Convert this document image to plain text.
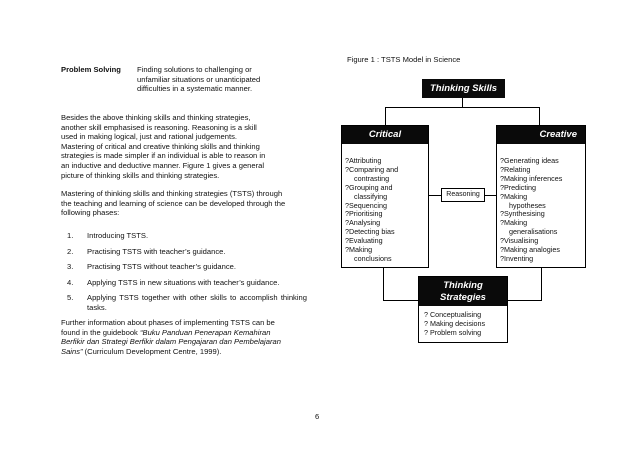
Problem Solving Finding solutions to challenging or
unfamiliar situations or unanticipated
difficulties in a systematic manner.
Besides the above thinking skills and thinking strategies,
another skill emphasised is reasoning. Reasoning is a skill
used in making logical, just and rational judgements.
Mastering of critical and creative thinking skills and thinking
strategies is made simpler if an individual is able to reason in
an inductive and deductive manner. Figure 1 gives a general
picture of thinking skills and thinking strategies.
Mastering of thinking skills and thinking strategies (TSTS) through
the teaching and learning of science can be developed through the
following phases:
1. Introducing TSTS.
2. Practising TSTS with teacher’s guidance.
3. Practising TSTS without teacher’s guidance.
4. Applying TSTS in new situations with teacher’s guidance.
5. Applying TSTS together with other skills to accomplish thinking tasks.
Further information about phases of implementing TSTS can be
found in the guidebook “Buku Panduan Penerapan Kemahiran
Berfikir dan Strategi Berfikir dalam Pengajaran dan Pembelajaran
Sains” (Curriculum Development Centre, 1999).
Figure 1 : TSTS Model in Science
Thinking Skills
Critical
?Attributing
?Comparing and
contrasting
?Grouping and
classifying
?Sequencing
?Prioritising
?Analysing
?Detecting bias
?Evaluating
?Making
conclusions
Creative
?Generating ideas
?Relating
?Making inferences
?Predicting
?Making
hypotheses
?Synthesising
?Making
generalisations
?Visualising
?Making analogies
?Inventing
Reasoning
Thinking
Strategies
? Conceptualising
? Making decisions
? Problem solving
6
